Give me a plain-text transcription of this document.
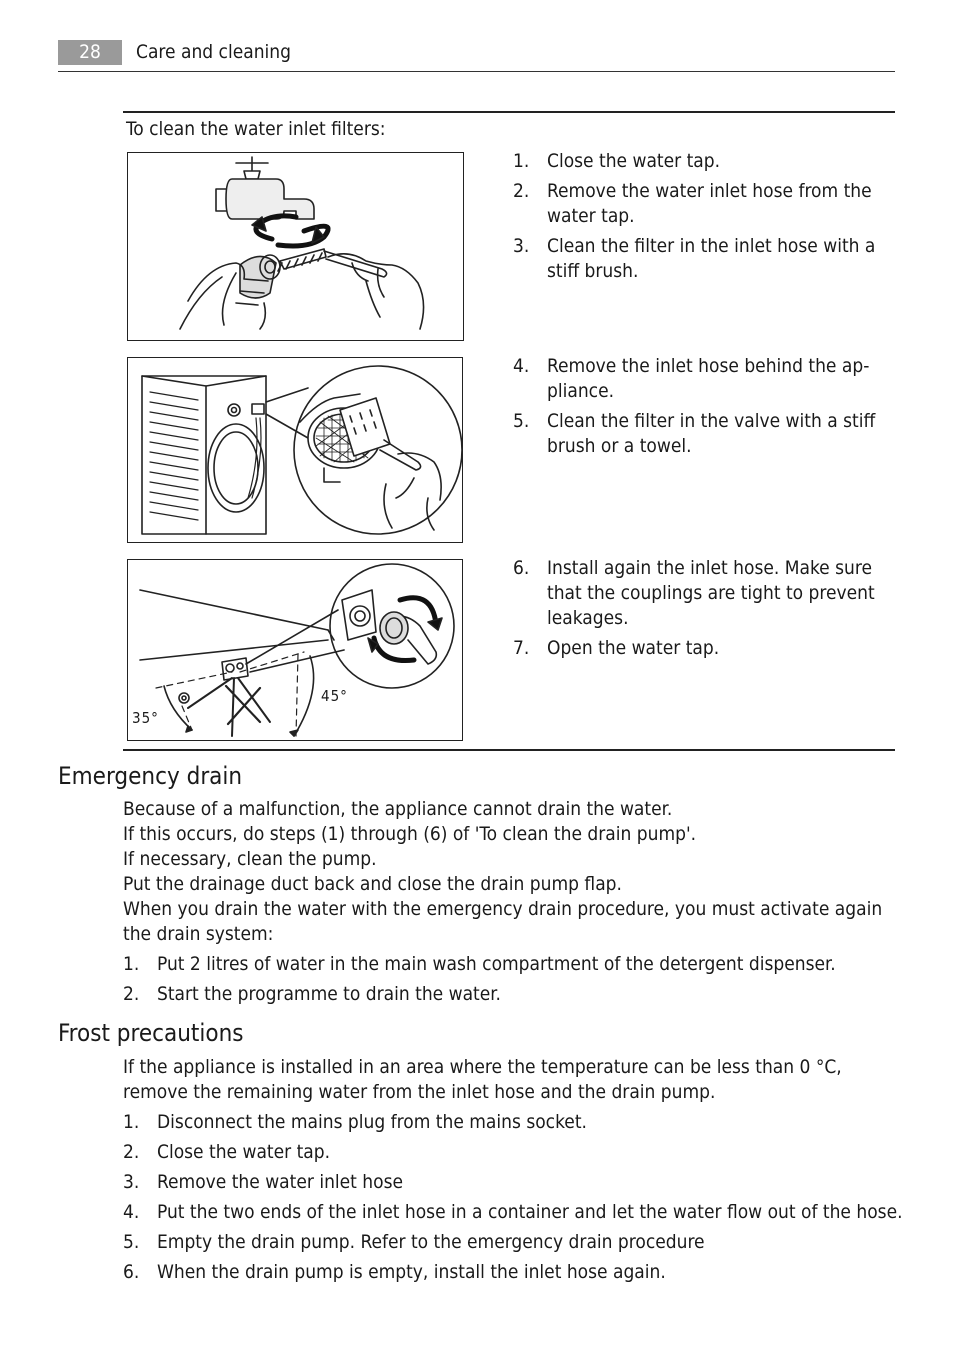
28	Care and cleaning
To clean the water inlet filters:
35°
45°
1. Close the water tap.
2. Remove the water inlet hose from the water tap.
3. Clean the filter in the inlet hose with a stiff brush.
4. Remove the inlet hose behind the ap- pliance.
5. Clean the filter in the valve with a stiff brush or a towel.
6. Install again the inlet hose. Make sure that the couplings are tight to prevent leakages.
7. Open the water tap.
Emergency drain

Because of a malfunction, the appliance cannot drain the water.

If this occurs, do steps (1) through (6) of 'To clean the drain pump'.

If necessary, clean the pump.

Put the drainage duct back and close the drain pump flap.

When you drain the water with the emergency drain procedure, you must activate again the drain system:

1. Put 2 litres of water in the main wash compartment of the detergent dispenser.
2. Start the programme to drain the water.
Frost precautions

If the appliance is installed in an area where the temperature can be less than 0 °C, remove the remaining water from the inlet hose and the drain pump.

1. Disconnect the mains plug from the mains socket.
2. Close the water tap.
3. Remove the water inlet hose
4. Put the two ends of the inlet hose in a container and let the water flow out of the hose.
5. Empty the drain pump. Refer to the emergency drain procedure
6. When the drain pump is empty, install the inlet hose again.
